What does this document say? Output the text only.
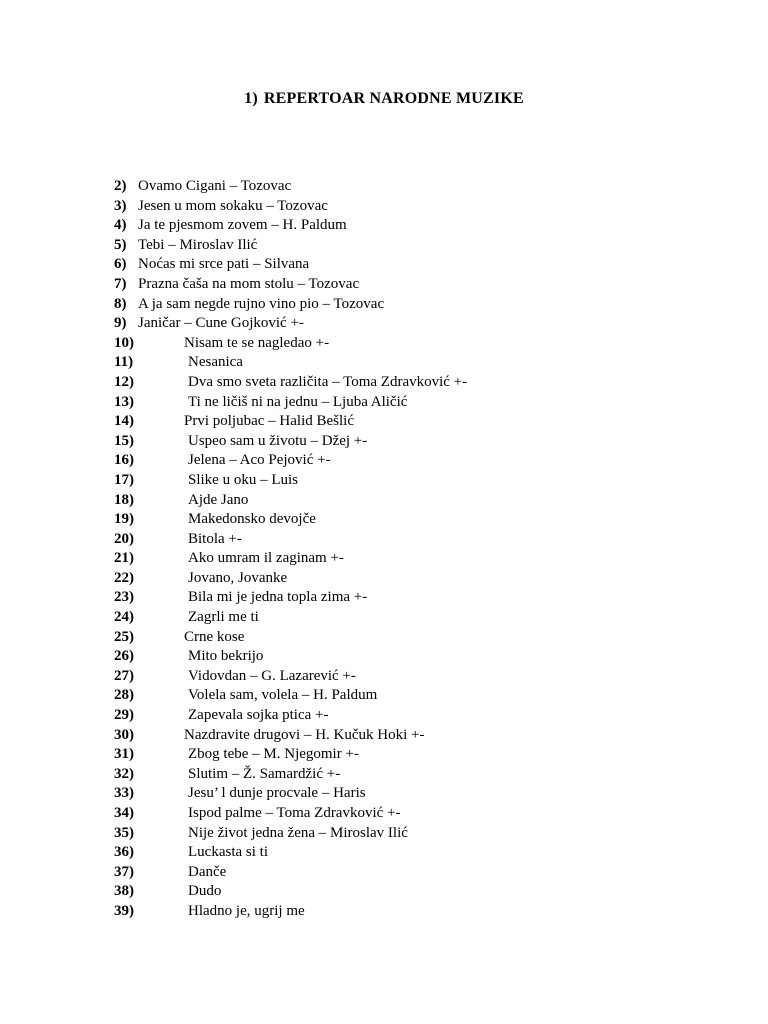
1) REPERTOAR NARODNE MUZIKE
2) Ovamo Cigani – Tozovac
3) Jesen u mom sokaku – Tozovac
4) Ja te pjesmom zovem – H. Paldum
5) Tebi – Miroslav Ilić
6) Noćas mi srce pati – Silvana
7) Prazna čaša na mom stolu – Tozovac
8) A ja sam negde rujno vino pio – Tozovac
9) Janičar – Cune Gojković +-
10)	Nisam te se nagledao +-
11)	Nesanica
12)	Dva smo sveta različita – Toma Zdravković +-
13)	Ti ne ličiš ni na jednu – Ljuba Aličić
14)	Prvi poljubac – Halid Bešlić
15)	Uspeo sam u životu – Džej +-
16)	Jelena – Aco Pejović +-
17)	Slike u oku – Luis
18)	Ajde Jano
19)	Makedonsko devojče
20)	Bitola +-
21)	Ako umram il zaginam +-
22)	Jovano, Jovanke
23)	Bila mi je jedna topla zima +-
24)	Zagrli me ti
25)	Crne kose
26)	Mito bekrijo
27)	Vidovdan – G. Lazarević +-
28)	Volela sam, volela – H. Paldum
29)	Zapevala sojka ptica +-
30)	Nazdravite drugovi – H. Kučuk Hoki +-
31)	Zbog tebe – M. Njegomir +-
32)	Slutim – Ž. Samardžić +-
33)	Jesu’ l dunje procvale – Haris
34)	Ispod palme – Toma Zdravković +-
35)	Nije život jedna žena – Miroslav Ilić
36)	Luckasta si ti
37)	Danče
38)	Dudo
39)	Hladno je, ugrij me
